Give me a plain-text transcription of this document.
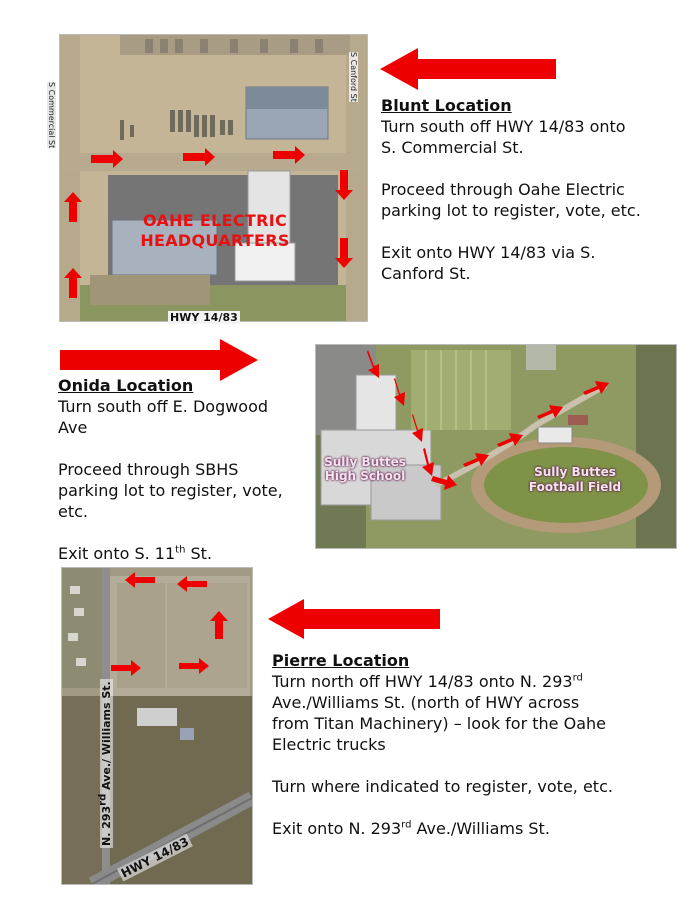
OAHE ELECTRIC
HEADQUARTERS
HWY 14/83
S Commercial St
S Canford St

Blunt Location

Turn south off HWY 14/83 onto

S. Commercial St.

Proceed through Oahe Electric

parking lot to register, vote, etc.

Exit onto HWY 14/83 via S.

Canford St.

Onida Location

Turn south off E. Dogwood

Ave

Proceed through SBHS

parking lot to register, vote,

etc.

Exit onto S. 11th St.

Sully Buttes
High School	Sully Buttes
Football Field
N. 293rd Ave./ Williams St.
HWY 14/83

Pierre Location

Turn north off HWY 14/83 onto N. 293rd

Ave./Williams St. (north of HWY across

from Titan Machinery) – look for the Oahe

Electric trucks

Turn where indicated to register, vote, etc.

Exit onto N. 293rd Ave./Williams St.
